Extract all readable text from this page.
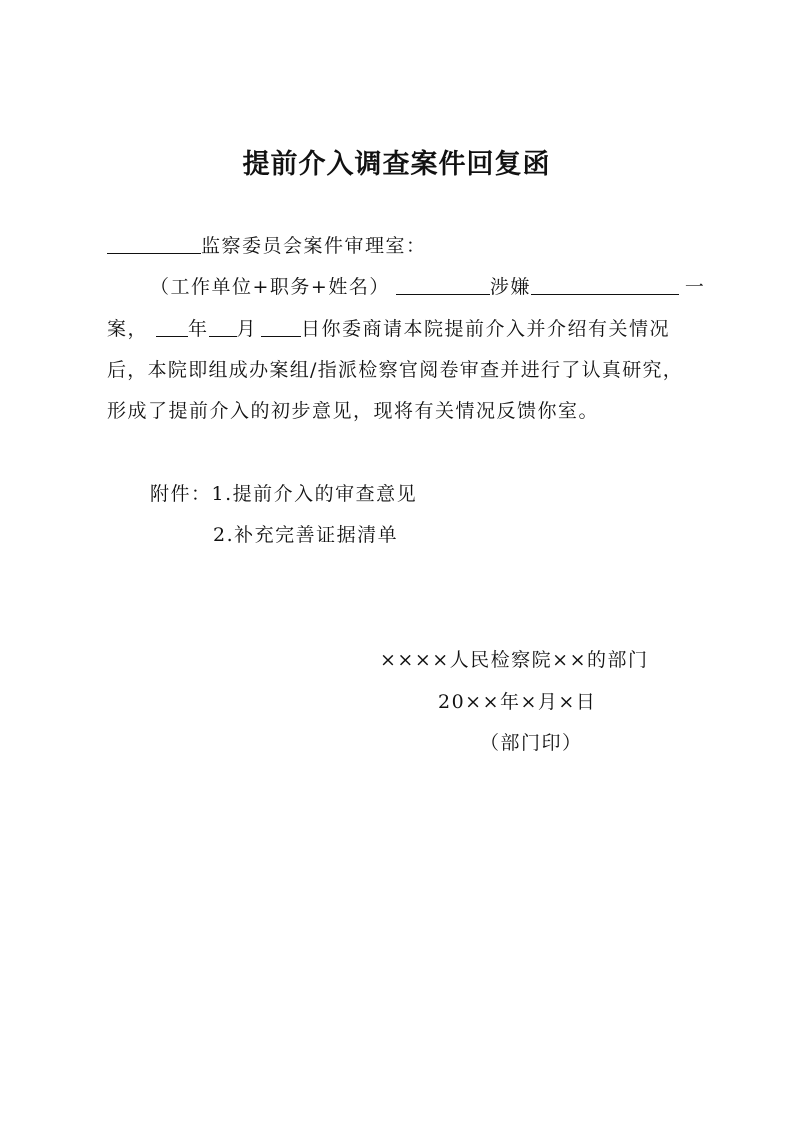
提前介入调查案件回复函
监察委员会案件审理室：
（工作单位+职务+姓名）	涉嫌	一
案， 年 月 日你委商请本院提前介入并介绍有关情况
后，本院即组成办案组/指派检察官阅卷审查并进行了认真研究，
形成了提前介入的初步意见，现将有关情况反馈你室。
附件：1.提前介入的审查意见
2.补充完善证据清单
××××人民检察院××的部门
20××年×月×日
（部门印）
